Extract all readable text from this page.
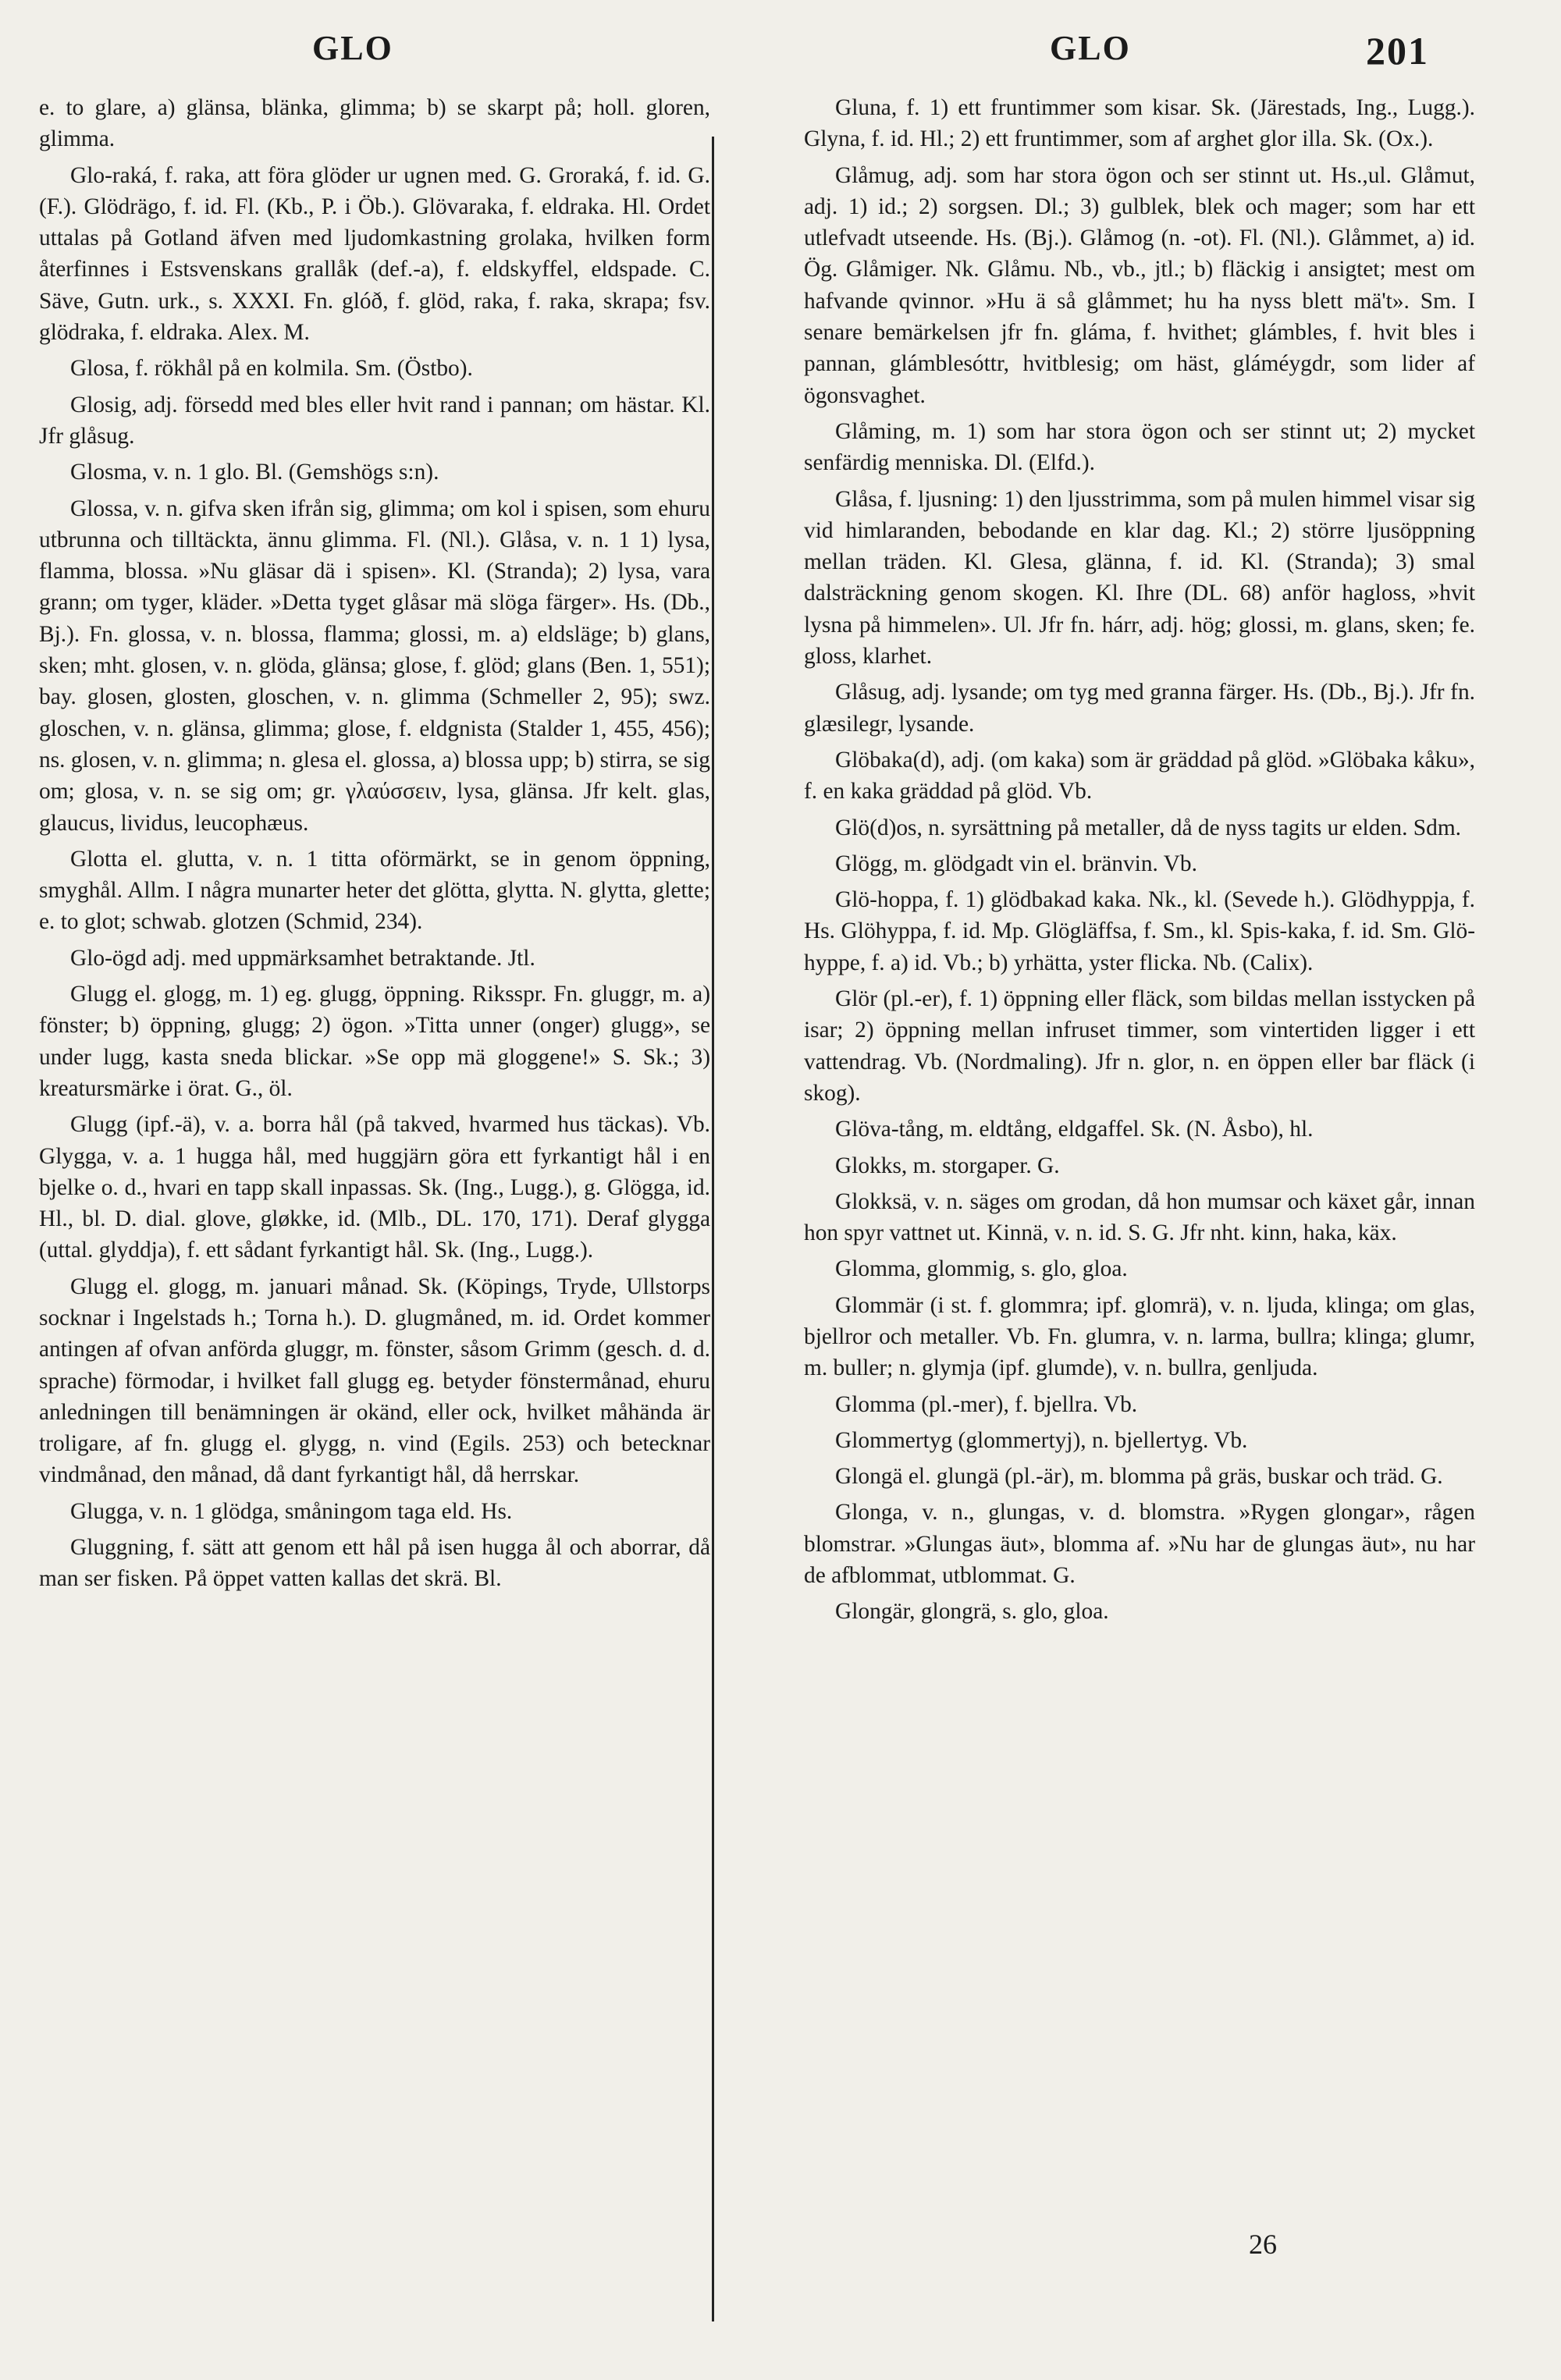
GLO	GLO	201

e. to glare, a) glänsa, blänka, glimma; b) se skarpt på; holl. gloren, glimma.

Glo-raká, f. raka, att föra glöder ur ugnen med. G. Groraká, f. id. G. (F.). Glödrägo, f. id. Fl. (Kb., P. i Öb.). Glövaraka, f. eldraka. Hl. Ordet uttalas på Gotland äfven med ljudomkastning grolaka, hvilken form återfinnes i Estsvenskans grallåk (def.-a), f. eldskyffel, eldspade. C. Säve, Gutn. urk., s. XXXI. Fn. glóð, f. glöd, raka, f. raka, skrapa; fsv. glödraka, f. eldraka. Alex. M.

Glosa, f. rökhål på en kolmila. Sm. (Östbo).

Glosig, adj. försedd med bles eller hvit rand i pannan; om hästar. Kl. Jfr glåsug.

Glosma, v. n. 1 glo. Bl. (Gemshögs s:n).

Glossa, v. n. gifva sken ifrån sig, glimma; om kol i spisen, som ehuru utbrunna och tilltäckta, ännu glimma. Fl. (Nl.). Glåsa, v. n. 1 1) lysa, flamma, blossa. »Nu gläsar dä i spisen». Kl. (Stranda); 2) lysa, vara grann; om tyger, kläder. »Detta tyget glåsar mä slöga färger». Hs. (Db., Bj.). Fn. glossa, v. n. blossa, flamma; glossi, m. a) eldsläge; b) glans, sken; mht. glosen, v. n. glöda, glänsa; glose, f. glöd; glans (Ben. 1, 551); bay. glosen, glosten, gloschen, v. n. glimma (Schmeller 2, 95); swz. gloschen, v. n. glänsa, glimma; glose, f. eldgnista (Stalder 1, 455, 456); ns. glosen, v. n. glimma; n. glesa el. glossa, a) blossa upp; b) stirra, se sig om; glosa, v. n. se sig om; gr. γλαύσσειν, lysa, glänsa. Jfr kelt. glas, glaucus, lividus, leucophæus.

Glotta el. glutta, v. n. 1 titta oförmärkt, se in genom öppning, smyghål. Allm. I några munarter heter det glötta, glytta. N. glytta, glette; e. to glot; schwab. glotzen (Schmid, 234).

Glo-ögd adj. med uppmärksamhet betraktande. Jtl.

Glugg el. glogg, m. 1) eg. glugg, öppning. Riksspr. Fn. gluggr, m. a) fönster; b) öppning, glugg; 2) ögon. »Titta unner (onger) glugg», se under lugg, kasta sneda blickar. »Se opp mä gloggene!» S. Sk.; 3) kreatursmärke i örat. G., öl.

Glugg (ipf.-ä), v. a. borra hål (på takved, hvarmed hus täckas). Vb. Glygga, v. a. 1 hugga hål, med huggjärn göra ett fyrkantigt hål i en bjelke o. d., hvari en tapp skall inpassas. Sk. (Ing., Lugg.), g. Glögga, id. Hl., bl. D. dial. glove, gløkke, id. (Mlb., DL. 170, 171). Deraf glygga (uttal. glyddja), f. ett sådant fyrkantigt hål. Sk. (Ing., Lugg.).

Glugg el. glogg, m. januari månad. Sk. (Köpings, Tryde, Ullstorps socknar i Ingelstads h.; Torna h.). D. glugmåned, m. id. Ordet kommer antingen af ofvan anförda gluggr, m. fönster, såsom Grimm (gesch. d. d. sprache) förmodar, i hvilket fall glugg eg. betyder fönstermånad, ehuru anledningen till benämningen är okänd, eller ock, hvilket måhända är troligare, af fn. glugg el. glygg, n. vind (Egils. 253) och betecknar vindmånad, den månad, då dant fyrkantigt hål, då herrskar.

Glugga, v. n. 1 glödga, småningom taga eld. Hs.

Gluggning, f. sätt att genom ett hål på isen hugga ål och aborrar, då man ser fisken. På öppet vatten kallas det skrä. Bl.

Gluna, f. 1) ett fruntimmer som kisar. Sk. (Järestads, Ing., Lugg.). Glyna, f. id. Hl.; 2) ett fruntimmer, som af arghet glor illa. Sk. (Ox.).

Glåmug, adj. som har stora ögon och ser stinnt ut. Hs.,ul. Glåmut, adj. 1) id.; 2) sorgsen. Dl.; 3) gulblek, blek och mager; som har ett utlefvadt utseende. Hs. (Bj.). Glåmog (n. -ot). Fl. (Nl.). Glåmmet, a) id. Ög. Glåmiger. Nk. Glåmu. Nb., vb., jtl.; b) fläckig i ansigtet; mest om hafvande qvinnor. »Hu ä så glåmmet; hu ha nyss blett mä't». Sm. I senare bemärkelsen jfr fn. gláma, f. hvithet; glámbles, f. hvit bles i pannan, glámblesóttr, hvitblesig; om häst, gláméygdr, som lider af ögonsvaghet.

Glåming, m. 1) som har stora ögon och ser stinnt ut; 2) mycket senfärdig menniska. Dl. (Elfd.).

Glåsa, f. ljusning: 1) den ljusstrimma, som på mulen himmel visar sig vid himlaranden, bebodande en klar dag. Kl.; 2) större ljusöppning mellan träden. Kl. Glesa, glänna, f. id. Kl. (Stranda); 3) smal dalsträckning genom skogen. Kl. Ihre (DL. 68) anför hagloss, »hvit lysna på himmelen». Ul. Jfr fn. hárr, adj. hög; glossi, m. glans, sken; fe. gloss, klarhet.

Glåsug, adj. lysande; om tyg med granna färger. Hs. (Db., Bj.). Jfr fn. glæsilegr, lysande.

Glöbaka(d), adj. (om kaka) som är gräddad på glöd. »Glöbaka kåku», f. en kaka gräddad på glöd. Vb.

Glö(d)os, n. syrsättning på metaller, då de nyss tagits ur elden. Sdm.

Glögg, m. glödgadt vin el. bränvin. Vb.

Glö-hoppa, f. 1) glödbakad kaka. Nk., kl. (Sevede h.). Glödhyppja, f. Hs. Glöhyppa, f. id. Mp. Glögläffsa, f. Sm., kl. Spis-kaka, f. id. Sm. Glö-hyppe, f. a) id. Vb.; b) yrhätta, yster flicka. Nb. (Calix).

Glör (pl.-er), f. 1) öppning eller fläck, som bildas mellan isstycken på isar; 2) öppning mellan infruset timmer, som vintertiden ligger i ett vattendrag. Vb. (Nordmaling). Jfr n. glor, n. en öppen eller bar fläck (i skog).

Glöva-tång, m. eldtång, eldgaffel. Sk. (N. Åsbo), hl.

Glokks, m. storgaper. G.

Glokksä, v. n. säges om grodan, då hon mumsar och käxet går, innan hon spyr vattnet ut. Kinnä, v. n. id. S. G. Jfr nht. kinn, haka, käx.

Glomma, glommig, s. glo, gloa.

Glommär (i st. f. glommra; ipf. glomrä), v. n. ljuda, klinga; om glas, bjellror och metaller. Vb. Fn. glumra, v. n. larma, bullra; klinga; glumr, m. buller; n. glymja (ipf. glumde), v. n. bullra, genljuda.

Glomma (pl.-mer), f. bjellra. Vb.

Glommertyg (glommertyj), n. bjellertyg. Vb.

Glongä el. glungä (pl.-är), m. blomma på gräs, buskar och träd. G.

Glonga, v. n., glungas, v. d. blomstra. »Rygen glongar», rågen blomstrar. »Glungas äut», blomma af. »Nu har de glungas äut», nu har de afblommat, utblommat. G.

Glongär, glongrä, s. glo, gloa.

26
